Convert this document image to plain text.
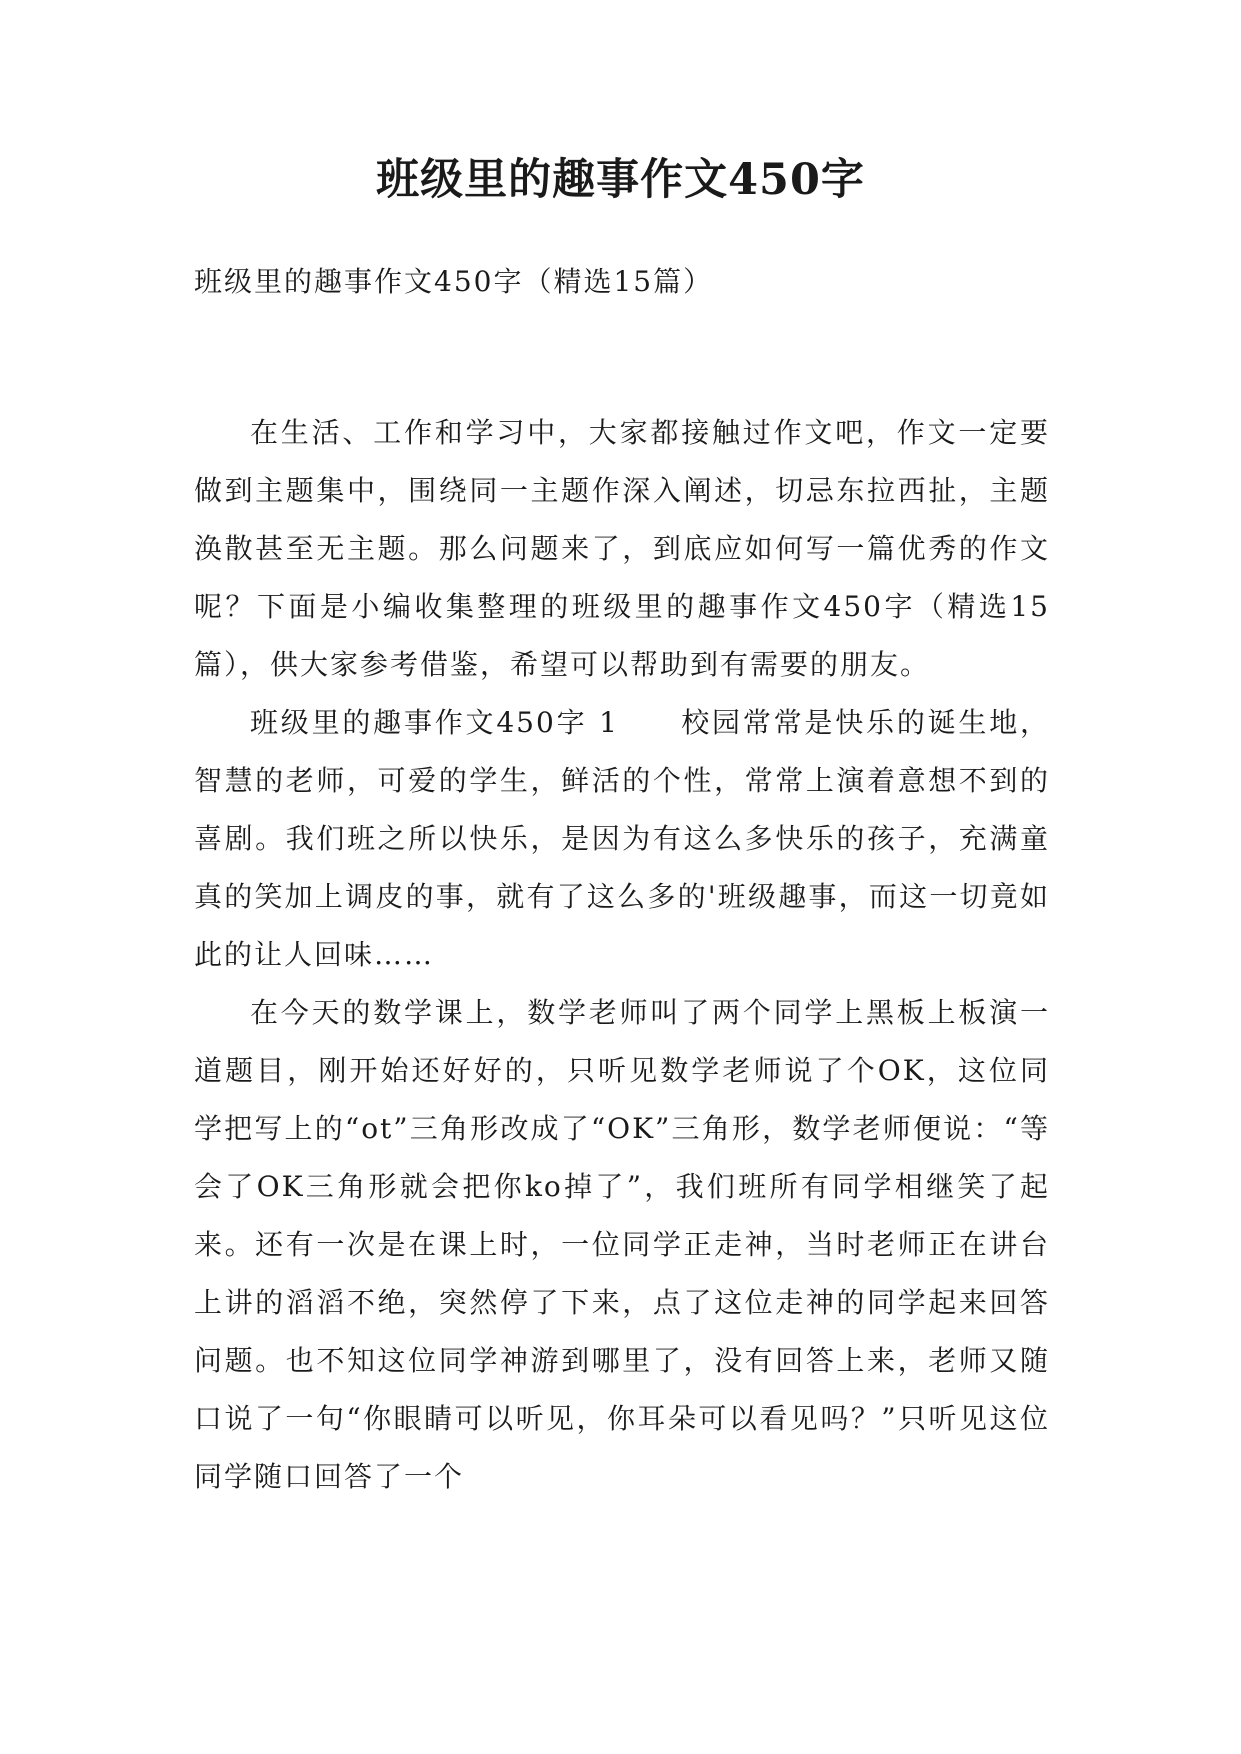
班级里的趣事作文450字

班级里的趣事作文450字（精选15篇）

在生活、工作和学习中，大家都接触过作文吧，作文一定要做到主题集中，围绕同一主题作深入阐述，切忌东拉西扯，主题涣散甚至无主题。那么问题来了，到底应如何写一篇优秀的作文呢？下面是小编收集整理的班级里的趣事作文450字（精选15篇），供大家参考借鉴，希望可以帮助到有需要的朋友。

班级里的趣事作文450字 1　　校园常常是快乐的诞生地，智慧的老师，可爱的学生，鲜活的个性，常常上演着意想不到的喜剧。我们班之所以快乐，是因为有这么多快乐的孩子，充满童真的笑加上调皮的事，就有了这么多的'班级趣事，而这一切竟如此的让人回味……

在今天的数学课上，数学老师叫了两个同学上黑板上板演一道题目，刚开始还好好的，只听见数学老师说了个OK，这位同学把写上的“ot”三角形改成了“OK”三角形，数学老师便说：“等会了OK三角形就会把你ko掉了”，我们班所有同学相继笑了起来。还有一次是在课上时，一位同学正走神，当时老师正在讲台上讲的滔滔不绝，突然停了下来，点了这位走神的同学起来回答问题。也不知这位同学神游到哪里了，没有回答上来，老师又随口说了一句“你眼睛可以听见，你耳朵可以看见吗？”只听见这位同学随口回答了一个
